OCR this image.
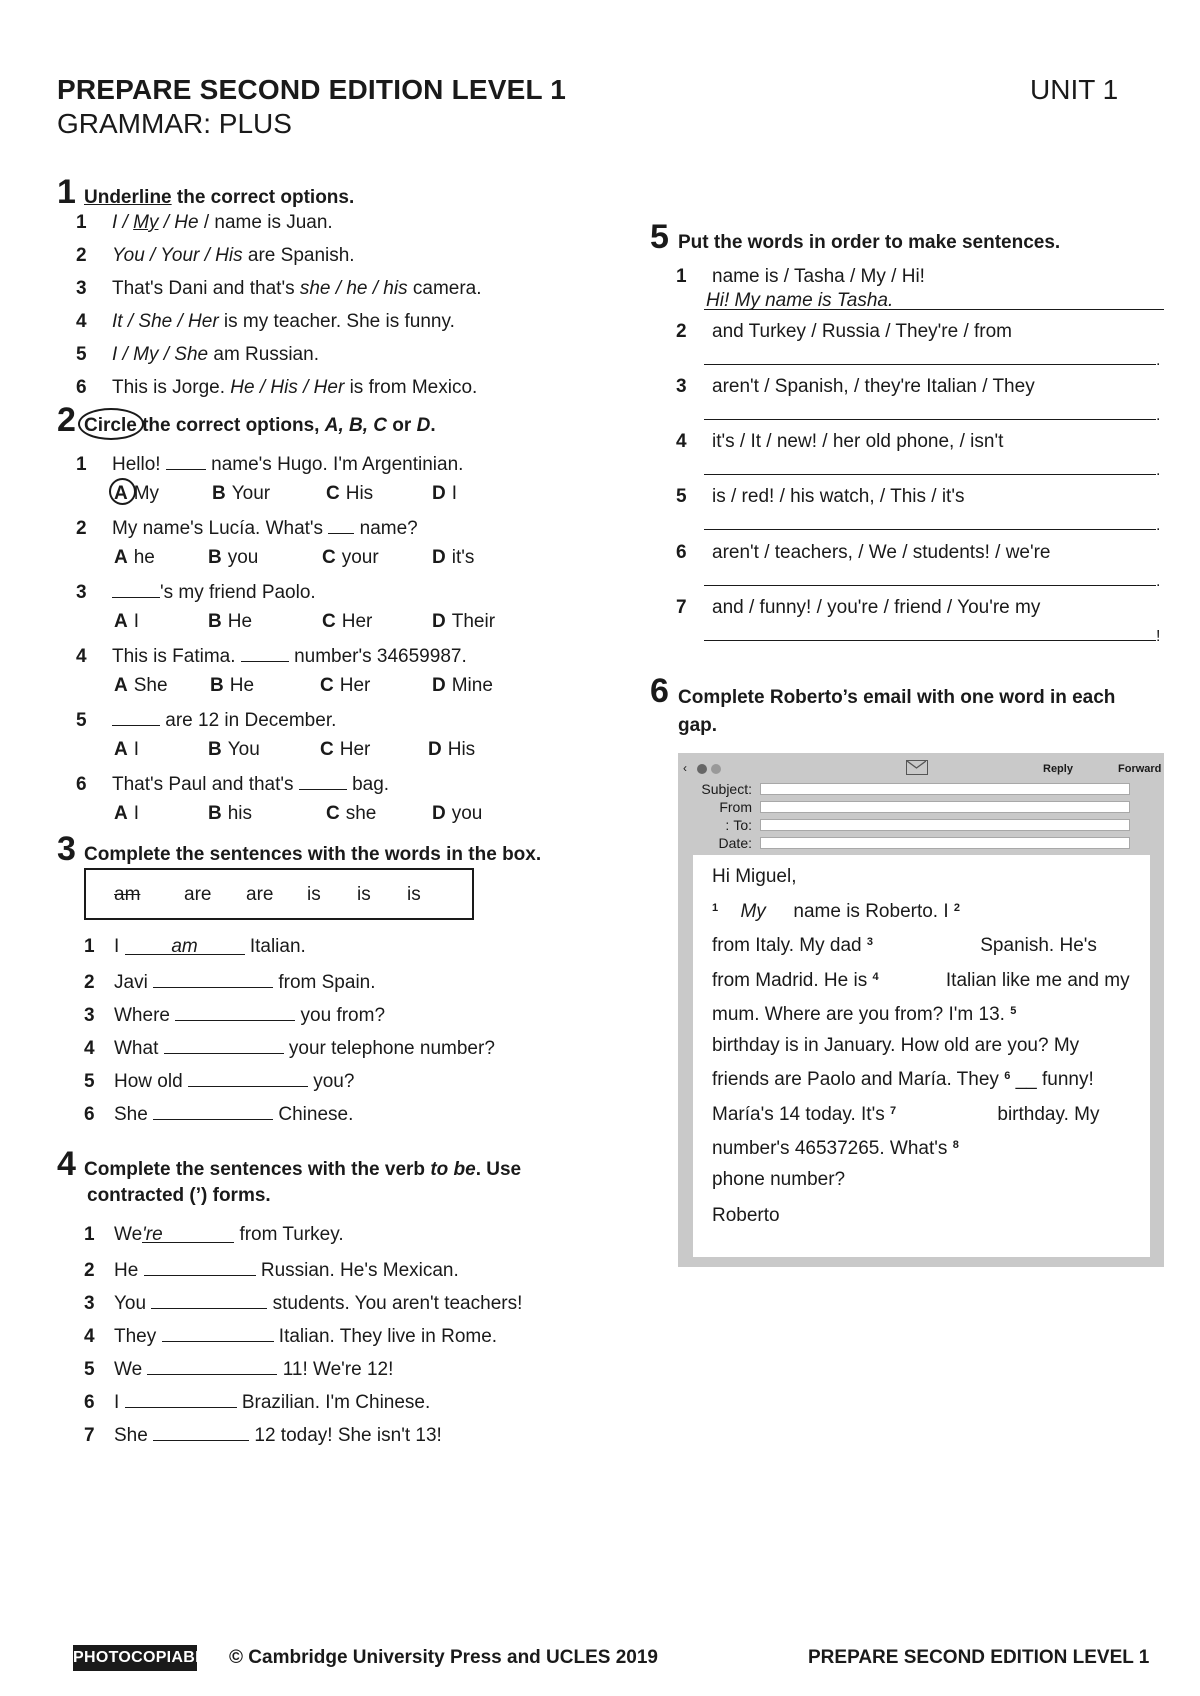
PREPARE SECOND EDITION LEVEL 1	UNIT 1
GRAMMAR: PLUS
1 Underline the correct options.
1 I / My / He / name is Juan.
2 You / Your / His are Spanish.
3 That's Dani and that's she / he / his camera.
4 It / She / Her is my teacher. She is funny.
5 I / My / She am Russian.
6 This is Jorge. He / His / Her is from Mexico.
2 Circle the correct options, A, B, C or D.
1 Hello!  name's Hugo. I'm Argentinian.
A My	B Your	C His	D I
2 My name's Lucía. What's  name?
A he	B you	C your	D it's
3	's my friend Paolo.
A I	B He	C Her	D Their
4 This is Fatima.	number's 34659987.
A She B He	C Her	D Mine
5	are 12 in December.
A I	B You	C Her	D His
6 That's Paul and that's	bag.
A I	B his	C she	D you
3 Complete the sentences with the words in the box.
am are are is is is
1 I am Italian.
2 Javi	from Spain.
3 Where	you from?
4 What	your telephone number?
5 How old	you?
6 She	Chinese.
4 Complete the sentences with the verb to be. Use
contracted (’) forms.
1 We're	from Turkey.
2 He	Russian. He's Mexican.
3 You	students. You aren't teachers!
4 They	Italian. They live in Rome.
5 We	11! We're 12!
6 I	Brazilian. I'm Chinese.
7 She	12 today! She isn't 13!
5 Put the words in order to make sentences.
1 name is / Tasha / My / Hi!
Hi! My name is Tasha.
2 and Turkey / Russia / They're / from
.
3 aren't / Spanish, / they're Italian / They
.
4 it's / It / new! / her old phone, / isn't
.
5 is / red! / his watch, / This / it's
.
6 aren't / teachers, / We / students! / we're
.
7 and / funny! / you're / friend / You're my
!
6 Complete Roberto’s email with one word in each
gap.
‹	Reply	Forward
Subject:
From
: To:
Date:
Hi Miguel,
$^1$ My name is Roberto. I $^2$
from Italy. My dad $^3$	Spanish. He's
from Madrid. He is $^4$	Italian like me and my
mum. Where are you from? I'm 13. $^5$
birthday is in January. How old are you? My
friends are Paolo and María. They $^6$ __ funny!
María's 14 today. It's $^7$	birthday. My
number's 46537265. What's $^8$
phone number?
Roberto
PHOTOCOPIABLE © Cambridge University Press and UCLES 2019	PREPARE SECOND EDITION LEVEL 1
